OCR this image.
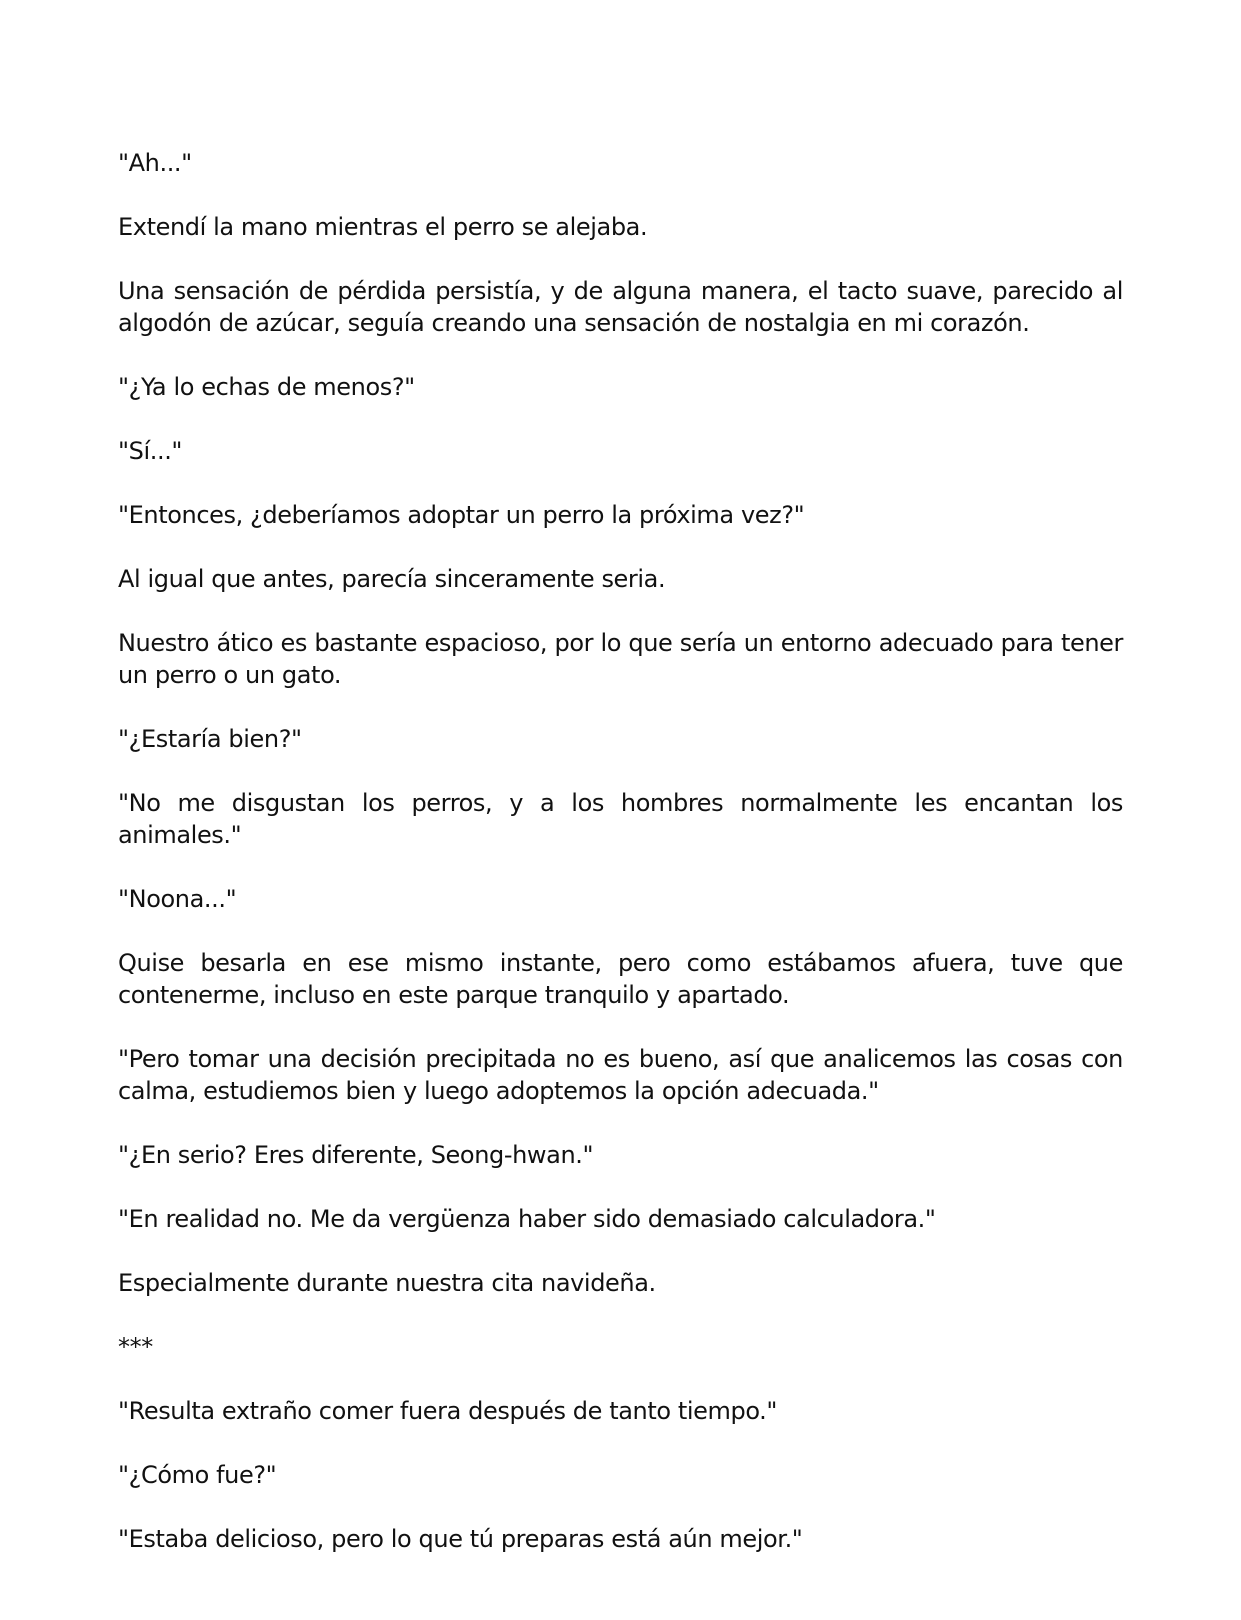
"Ah..."

Extendí la mano mientras el perro se alejaba.

Una sensación de pérdida persistía, y de alguna manera, el tacto suave, parecido al algodón de azúcar, seguía creando una sensación de nostalgia en mi corazón.

"¿Ya lo echas de menos?"

"Sí..."

"Entonces, ¿deberíamos adoptar un perro la próxima vez?"

Al igual que antes, parecía sinceramente seria.

Nuestro ático es bastante espacioso, por lo que sería un entorno adecuado para tener un perro o un gato.

"¿Estaría bien?"

"No me disgustan los perros, y a los hombres normalmente les encantan los animales."

"Noona..."

Quise besarla en ese mismo instante, pero como estábamos afuera, tuve que contenerme, incluso en este parque tranquilo y apartado.

"Pero tomar una decisión precipitada no es bueno, así que analicemos las cosas con calma, estudiemos bien y luego adoptemos la opción adecuada."

"¿En serio? Eres diferente, Seong-hwan."

"En realidad no. Me da vergüenza haber sido demasiado calculadora."

Especialmente durante nuestra cita navideña.

***

"Resulta extraño comer fuera después de tanto tiempo."

"¿Cómo fue?"

"Estaba delicioso, pero lo que tú preparas está aún mejor."
